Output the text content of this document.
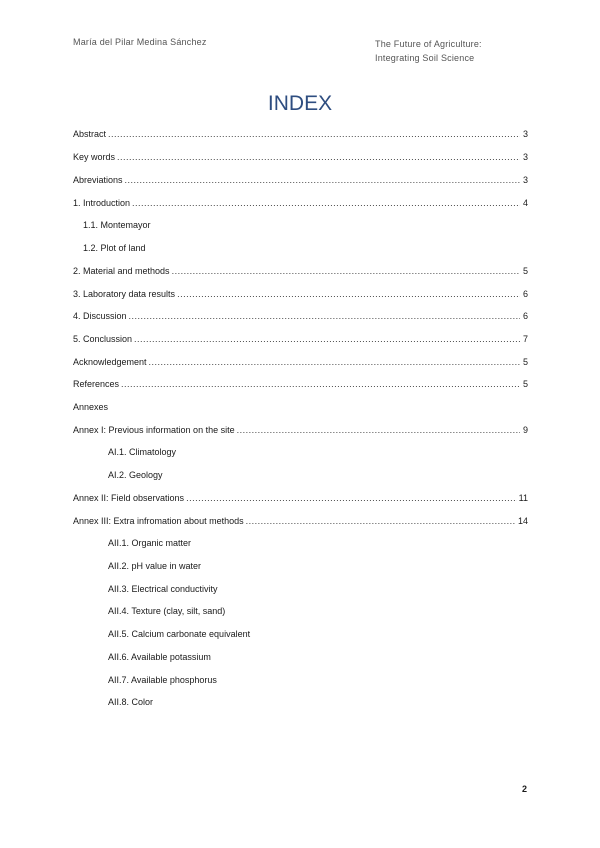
María del Pilar Medina Sánchez	The Future of Agriculture:
Integrating Soil Science
INDEX
Abstract .....	3
Key words .....	3
Abreviations .....	3
1. Introduction .....	4
1.1. Montemayor
1.2. Plot of land
2. Material and methods .....	5
3. Laboratory data results .....	6
4. Discussion .....	6
5. Conclussion .....	7
Acknowledgement .....	5
References .....	5
Annexes
Annex I: Previous information on the site .....	9
AI.1. Climatology
AI.2. Geology
Annex II: Field observations .....	11
Annex III: Extra infromation about methods .....	14
AII.1. Organic matter
AII.2. pH value in water
AII.3. Electrical conductivity
AII.4. Texture (clay, silt, sand)
AII.5. Calcium carbonate equivalent
AII.6. Available potassium
AII.7. Available phosphorus
AII.8. Color
2
